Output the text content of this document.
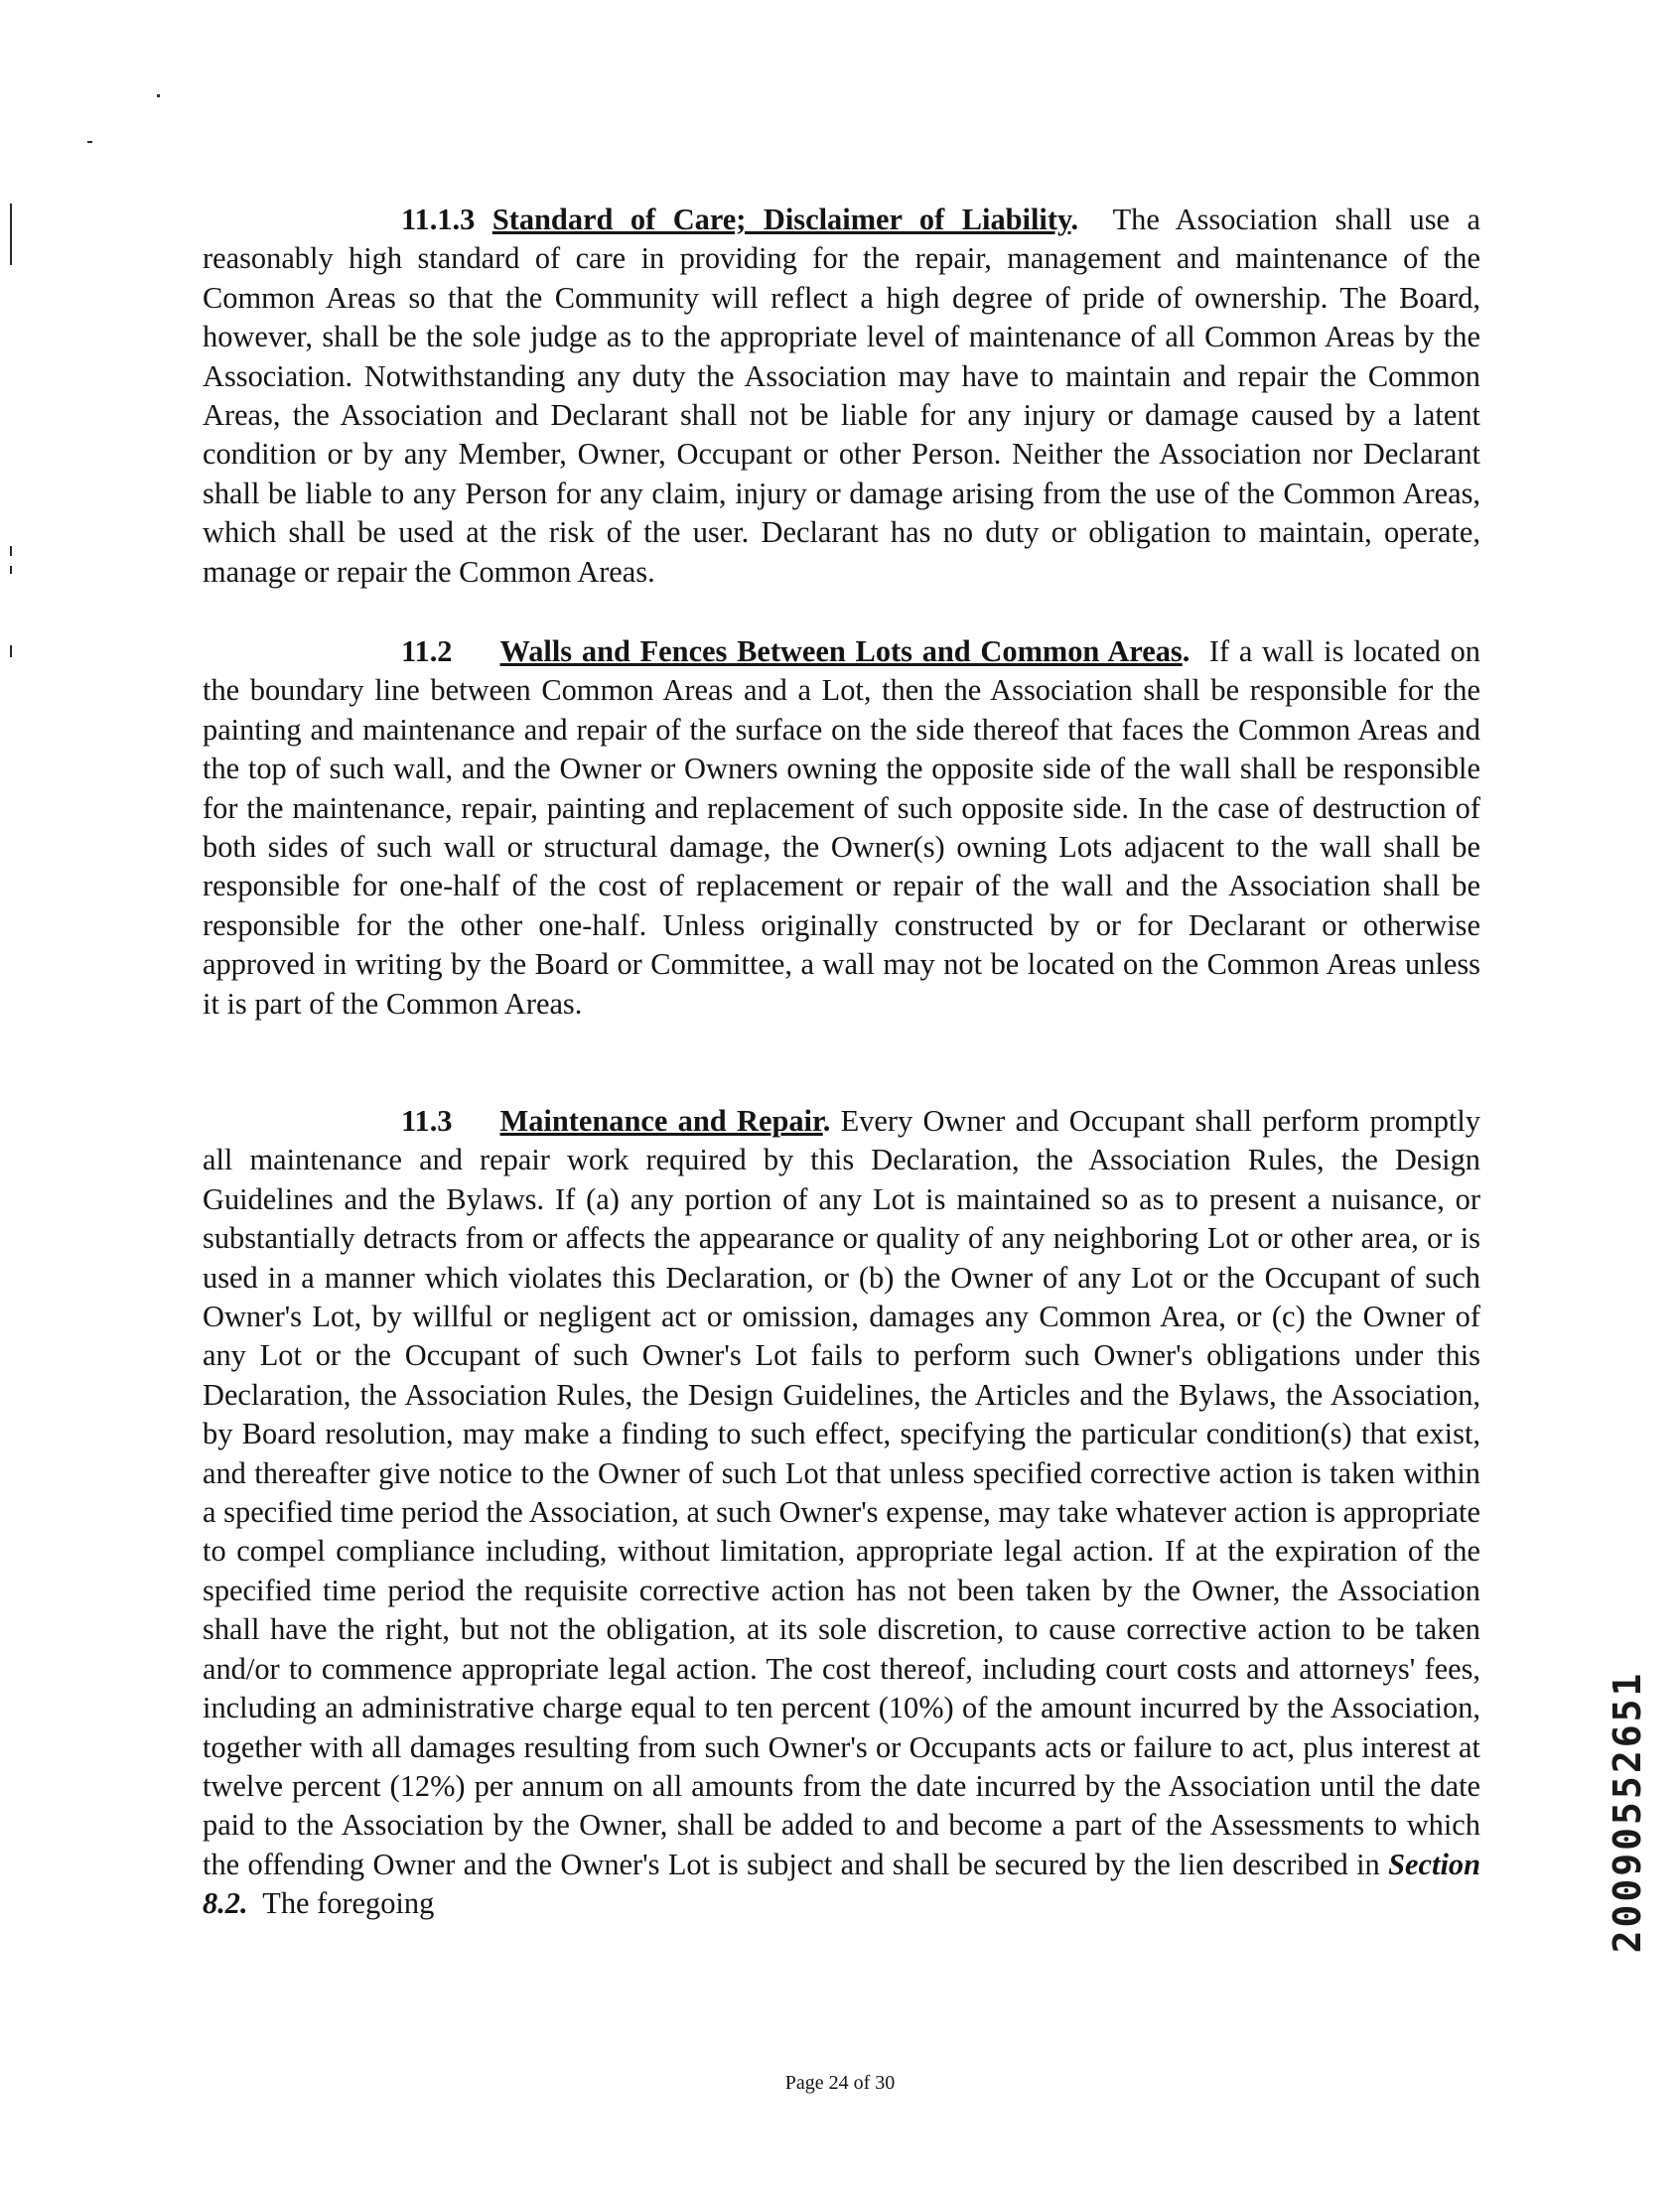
11.1.3 Standard of Care; Disclaimer of Liability. The Association shall use a reasonably high standard of care in providing for the repair, management and maintenance of the Common Areas so that the Community will reflect a high degree of pride of ownership. The Board, however, shall be the sole judge as to the appropriate level of maintenance of all Common Areas by the Association. Notwithstanding any duty the Association may have to maintain and repair the Common Areas, the Association and Declarant shall not be liable for any injury or damage caused by a latent condition or by any Member, Owner, Occupant or other Person. Neither the Association nor Declarant shall be liable to any Person for any claim, injury or damage arising from the use of the Common Areas, which shall be used at the risk of the user. Declarant has no duty or obligation to maintain, operate, manage or repair the Common Areas.

11.2 Walls and Fences Between Lots and Common Areas. If a wall is located on the boundary line between Common Areas and a Lot, then the Association shall be responsible for the painting and maintenance and repair of the surface on the side thereof that faces the Common Areas and the top of such wall, and the Owner or Owners owning the opposite side of the wall shall be responsible for the maintenance, repair, painting and replacement of such opposite side. In the case of destruction of both sides of such wall or structural damage, the Owner(s) owning Lots adjacent to the wall shall be responsible for one-half of the cost of replacement or repair of the wall and the Association shall be responsible for the other one-half. Unless originally constructed by or for Declarant or otherwise approved in writing by the Board or Committee, a wall may not be located on the Common Areas unless it is part of the Common Areas.

11.3 Maintenance and Repair. Every Owner and Occupant shall perform promptly all maintenance and repair work required by this Declaration, the Association Rules, the Design Guidelines and the Bylaws. If (a) any portion of any Lot is maintained so as to present a nuisance, or substantially detracts from or affects the appearance or quality of any neighboring Lot or other area, or is used in a manner which violates this Declaration, or (b) the Owner of any Lot or the Occupant of such Owner's Lot, by willful or negligent act or omission, damages any Common Area, or (c) the Owner of any Lot or the Occupant of such Owner's Lot fails to perform such Owner's obligations under this Declaration, the Association Rules, the Design Guidelines, the Articles and the Bylaws, the Association, by Board resolution, may make a finding to such effect, specifying the particular condition(s) that exist, and thereafter give notice to the Owner of such Lot that unless specified corrective action is taken within a specified time period the Association, at such Owner's expense, may take whatever action is appropriate to compel compliance including, without limitation, appropriate legal action. If at the expiration of the specified time period the requisite corrective action has not been taken by the Owner, the Association shall have the right, but not the obligation, at its sole discretion, to cause corrective action to be taken and/or to commence appropriate legal action. The cost thereof, including court costs and attorneys' fees, including an administrative charge equal to ten percent (10%) of the amount incurred by the Association, together with all damages resulting from such Owner's or Occupants acts or failure to act, plus interest at twelve percent (12%) per annum on all amounts from the date incurred by the Association until the date paid to the Association by the Owner, shall be added to and become a part of the Assessments to which the offending Owner and the Owner's Lot is subject and shall be secured by the lien described in Section 8.2. The foregoing	20090552651
Page 24 of 30
